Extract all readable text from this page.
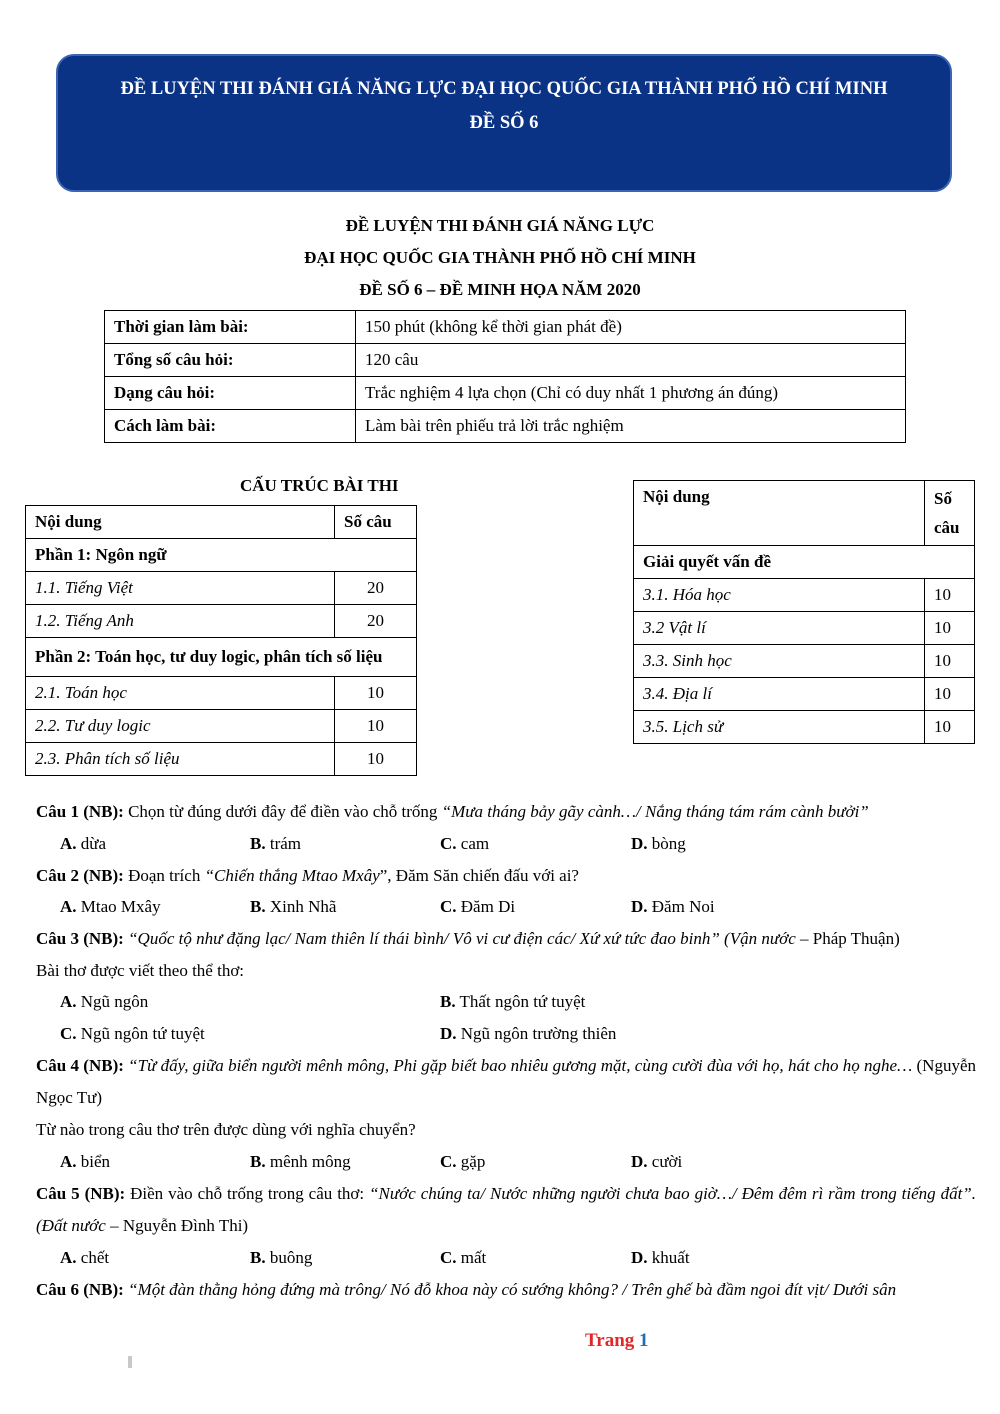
ĐỀ LUYỆN THI ĐÁNH GIÁ NĂNG LỰC ĐẠI HỌC QUỐC GIA THÀNH PHỐ HỒ CHÍ MINH
ĐỀ SỐ 6
ĐỀ LUYỆN THI ĐÁNH GIÁ NĂNG LỰC
ĐẠI HỌC QUỐC GIA THÀNH PHỐ HỒ CHÍ MINH
ĐỀ SỐ 6 – ĐỀ MINH HỌA NĂM 2020
Thời gian làm bài:	150 phút (không kể thời gian phát đề)
Tổng số câu hỏi:	120 câu
Dạng câu hỏi:	Trắc nghiệm 4 lựa chọn (Chỉ có duy nhất 1 phương án đúng)
Cách làm bài:	Làm bài trên phiếu trả lời trắc nghiệm
CẤU TRÚC BÀI THI
Nội dung	Số câu
Phần 1: Ngôn ngữ	
1.1. Tiếng Việt	20
1.2. Tiếng Anh	20
Phần 2: Toán học, tư duy logic, phân tích số liệu	
2.1. Toán học	10
2.2. Tư duy logic	10
2.3. Phân tích số liệu	10
Nội dung	Số câu
Giải quyết vấn đề	
3.1. Hóa học	10
3.2 Vật lí	10
3.3. Sinh học	10
3.4. Địa lí	10
3.5. Lịch sử	10
Câu 1 (NB): Chọn từ đúng dưới đây để điền vào chỗ trống “Mưa tháng bảy gãy cành…/ Nắng tháng tám rám cành bưởi”
A. dừa	B. trám	C. cam	D. bòng
Câu 2 (NB): Đoạn trích “Chiến thắng Mtao Mxây”, Đăm Săn chiến đấu với ai?
A. Mtao Mxây	B. Xinh Nhã	C. Đăm Di	D. Đăm Noi
Câu 3 (NB): “Quốc tộ như đặng lạc/ Nam thiên lí thái bình/ Vô vi cư điện các/ Xứ xứ tức đao binh” (Vận nước – Pháp Thuận)
Bài thơ được viết theo thể thơ:
A. Ngũ ngôn	B. Thất ngôn tứ tuyệt
C. Ngũ ngôn tứ tuyệt	D. Ngũ ngôn trường thiên
Câu 4 (NB): “Từ đấy, giữa biển người mênh mông, Phi gặp biết bao nhiêu gương mặt, cùng cười đùa với họ, hát cho họ nghe… (Nguyễn Ngọc Tư)
Từ nào trong câu thơ trên được dùng với nghĩa chuyển?
A. biển	B. mênh mông	C. gặp	D. cười
Câu 5 (NB): Điền vào chỗ trống trong câu thơ: “Nước chúng ta/ Nước những người chưa bao giờ…/ Đêm đêm rì rầm trong tiếng đất”. (Đất nước – Nguyễn Đình Thi)
A. chết	B. buông	C. mất	D. khuất
Câu 6 (NB): “Một đàn thằng hỏng đứng mà trông/ Nó đỗ khoa này có sướng không? / Trên ghế bà đầm ngoi đít vịt/ Dưới sân
Trang 1
